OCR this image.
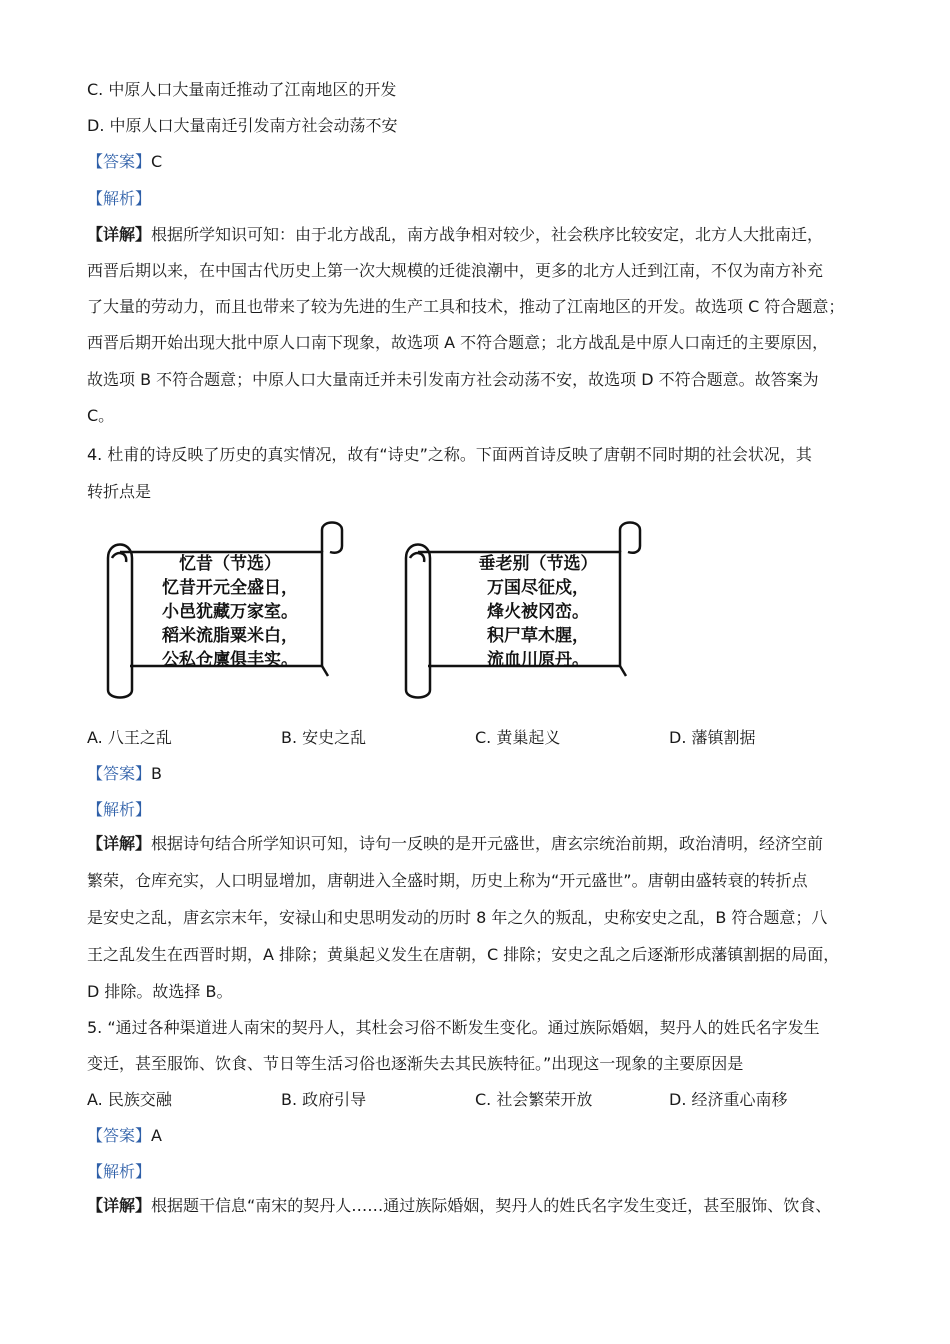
C. 中原人口大量南迁推动了江南地区的开发
D. 中原人口大量南迁引发南方社会动荡不安
【答案】C
【解析】
【详解】根据所学知识可知：由于北方战乱，南方战争相对较少，社会秩序比较安定，北方人大批南迁，
西晋后期以来，在中国古代历史上第一次大规模的迁徙浪潮中，更多的北方人迁到江南，不仅为南方补充
了大量的劳动力，而且也带来了较为先进的生产工具和技术，推动了江南地区的开发。故选项 C 符合题意；
西晋后期开始出现大批中原人口南下现象，故选项 A 不符合题意；北方战乱是中原人口南迁的主要原因，
故选项 B 不符合题意；中原人口大量南迁并未引发南方社会动荡不安，故选项 D 不符合题意。故答案为
C。
4. 杜甫的诗反映了历史的真实情况，故有“诗史”之称。下面两首诗反映了唐朝不同时期的社会状况，其
转折点是
忆昔（节选）
忆昔开元全盛日，
小邑犹藏万家室。
稻米流脂粟米白，
公私仓廪俱丰实。
垂老别（节选）
万国尽征戍，
烽火被冈峦。
积尸草木腥，
流血川原丹。
A. 八王之乱	B. 安史之乱	C. 黄巢起义	D. 藩镇割据
【答案】B
【解析】
【详解】根据诗句结合所学知识可知，诗句一反映的是开元盛世，唐玄宗统治前期，政治清明，经济空前
繁荣，仓库充实，人口明显增加，唐朝进入全盛时期，历史上称为“开元盛世”。唐朝由盛转衰的转折点
是安史之乱，唐玄宗末年，安禄山和史思明发动的历时 8 年之久的叛乱，史称安史之乱，B 符合题意；八
王之乱发生在西晋时期，A 排除；黄巢起义发生在唐朝，C 排除；安史之乱之后逐渐形成藩镇割据的局面，
D 排除。故选择 B。
5. “通过各种渠道进人南宋的契丹人，其杜会习俗不断发生变化。通过族际婚姻，契丹人的姓氏名字发生
变迁，甚至服饰、饮食、节日等生活习俗也逐渐失去其民族特征。”出现这一现象的主要原因是
A. 民族交融	B. 政府引导	C. 社会繁荣开放	D. 经济重心南移
【答案】A
【解析】
【详解】根据题干信息“南宋的契丹人……通过族际婚姻，契丹人的姓氏名字发生变迁，甚至服饰、饮食、
